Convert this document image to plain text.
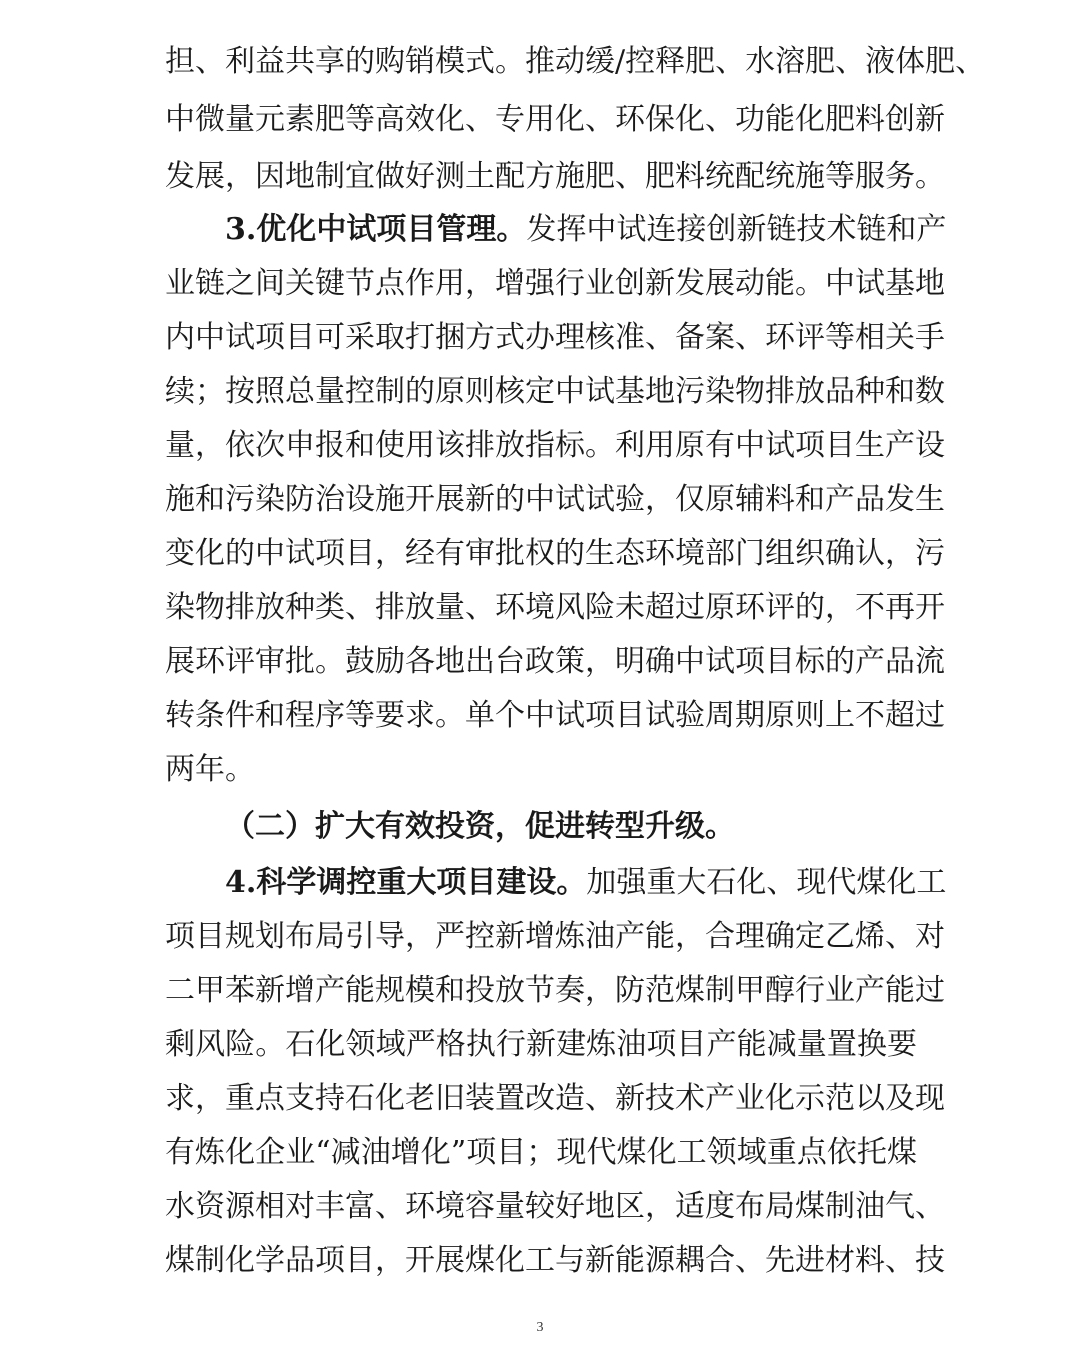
担、利益共享的购销模式。推动缓/控释肥、水溶肥、液体肥、
中微量元素肥等高效化、专用化、环保化、功能化肥料创新
发展，因地制宜做好测土配方施肥、肥料统配统施等服务。
3.优化中试项目管理。发挥中试连接创新链技术链和产
业链之间关键节点作用，增强行业创新发展动能。中试基地
内中试项目可采取打捆方式办理核准、备案、环评等相关手
续；按照总量控制的原则核定中试基地污染物排放品种和数
量，依次申报和使用该排放指标。利用原有中试项目生产设
施和污染防治设施开展新的中试试验，仅原辅料和产品发生
变化的中试项目，经有审批权的生态环境部门组织确认，污
染物排放种类、排放量、环境风险未超过原环评的，不再开
展环评审批。鼓励各地出台政策，明确中试项目标的产品流
转条件和程序等要求。单个中试项目试验周期原则上不超过
两年。
（二）扩大有效投资，促进转型升级。
4.科学调控重大项目建设。加强重大石化、现代煤化工
项目规划布局引导，严控新增炼油产能，合理确定乙烯、对
二甲苯新增产能规模和投放节奏，防范煤制甲醇行业产能过
剩风险。石化领域严格执行新建炼油项目产能减量置换要
求，重点支持石化老旧装置改造、新技术产业化示范以及现
有炼化企业“减油增化”项目；现代煤化工领域重点依托煤
水资源相对丰富、环境容量较好地区，适度布局煤制油气、
煤制化学品项目，开展煤化工与新能源耦合、先进材料、技
3
